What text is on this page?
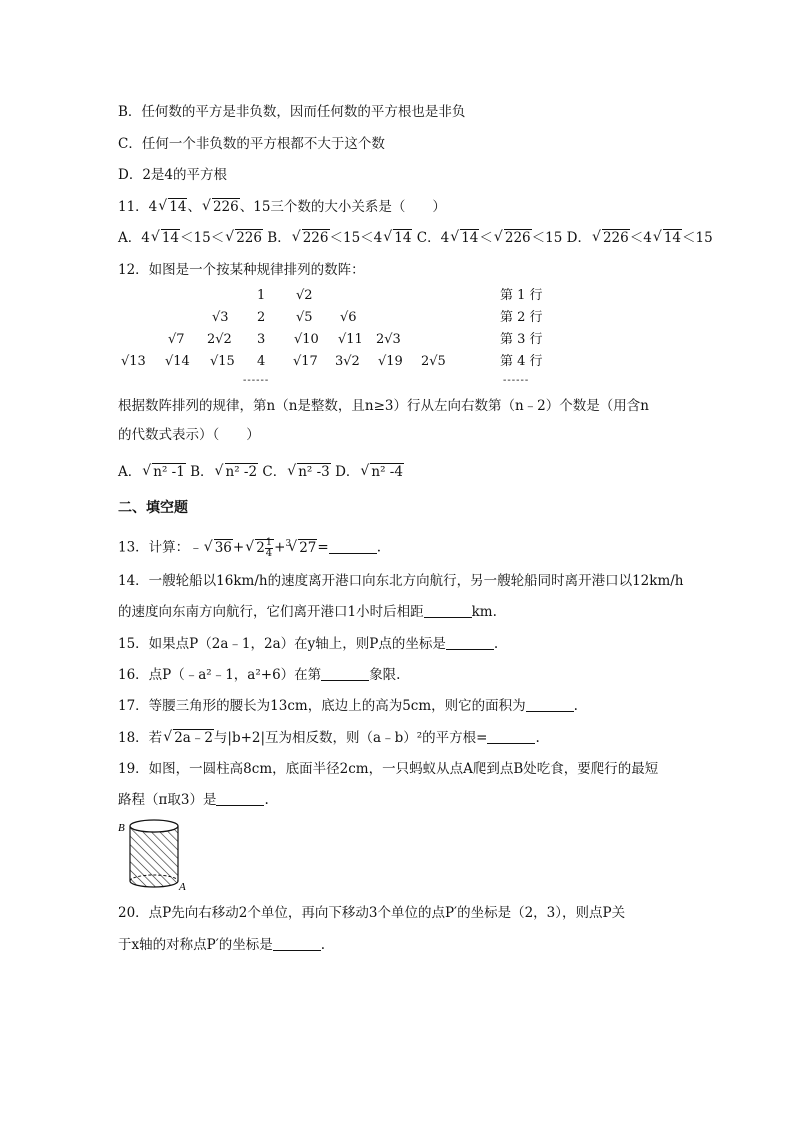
B．任何数的平方是非负数，因而任何数的平方根也是非负
C．任何一个非负数的平方根都不大于这个数
D．2是4的平方根
11．4√ 14、√ 226、15三个数的大小关系是（　　）
A．4√ 14＜15＜√ 226 B．√ 226＜15＜4√ 14 C．4√ 14＜√ 226＜15 D．√ 226＜4√ 14＜15
12．如图是一个按某种规律排列的数阵：
1 √2	第 1 行
√3 2 √5 √6	第 2 行
√7 2√2 3 √10 √11 2√3	第 3 行
√13 √14 √15 4 √17 3√2 √19 2√5	第 4 行
------	------
根据数阵排列的规律，第n（n是整数，且n≥3）行从左向右数第（n﹣2）个数是（用含n
的代数式表示）（　　）
A．√ n² -1 B．√ n² -2 C．√ n² -3 D．√ n² -4
二、填空题
13．计算：﹣√ 36+√ $2 \frac{1}{4} +^3√$ 27=	.
14．一艘轮船以16km/h的速度离开港口向东北方向航行，另一艘轮船同时离开港口以12km/h
的速度向东南方向航行，它们离开港口1小时后相距	km.
15．如果点P（2a﹣1，2a）在y轴上，则P点的坐标是	.
16．点P（﹣a²﹣1，a²+6）在第	象限.
17．等腰三角形的腰长为13cm，底边上的高为5cm，则它的面积为	.
18．若√ 2a﹣2与|b+2|互为相反数，则（a﹣b）²的平方根=	.
19．如图，一圆柱高8cm，底面半径2cm，一只蚂蚁从点A爬到点B处吃食，要爬行的最短
路程（π取3）是	.
B
A
20．点P先向右移动2个单位，再向下移动3个单位的点P′的坐标是（2，3），则点P关
于x轴的对称点P′的坐标是	.
